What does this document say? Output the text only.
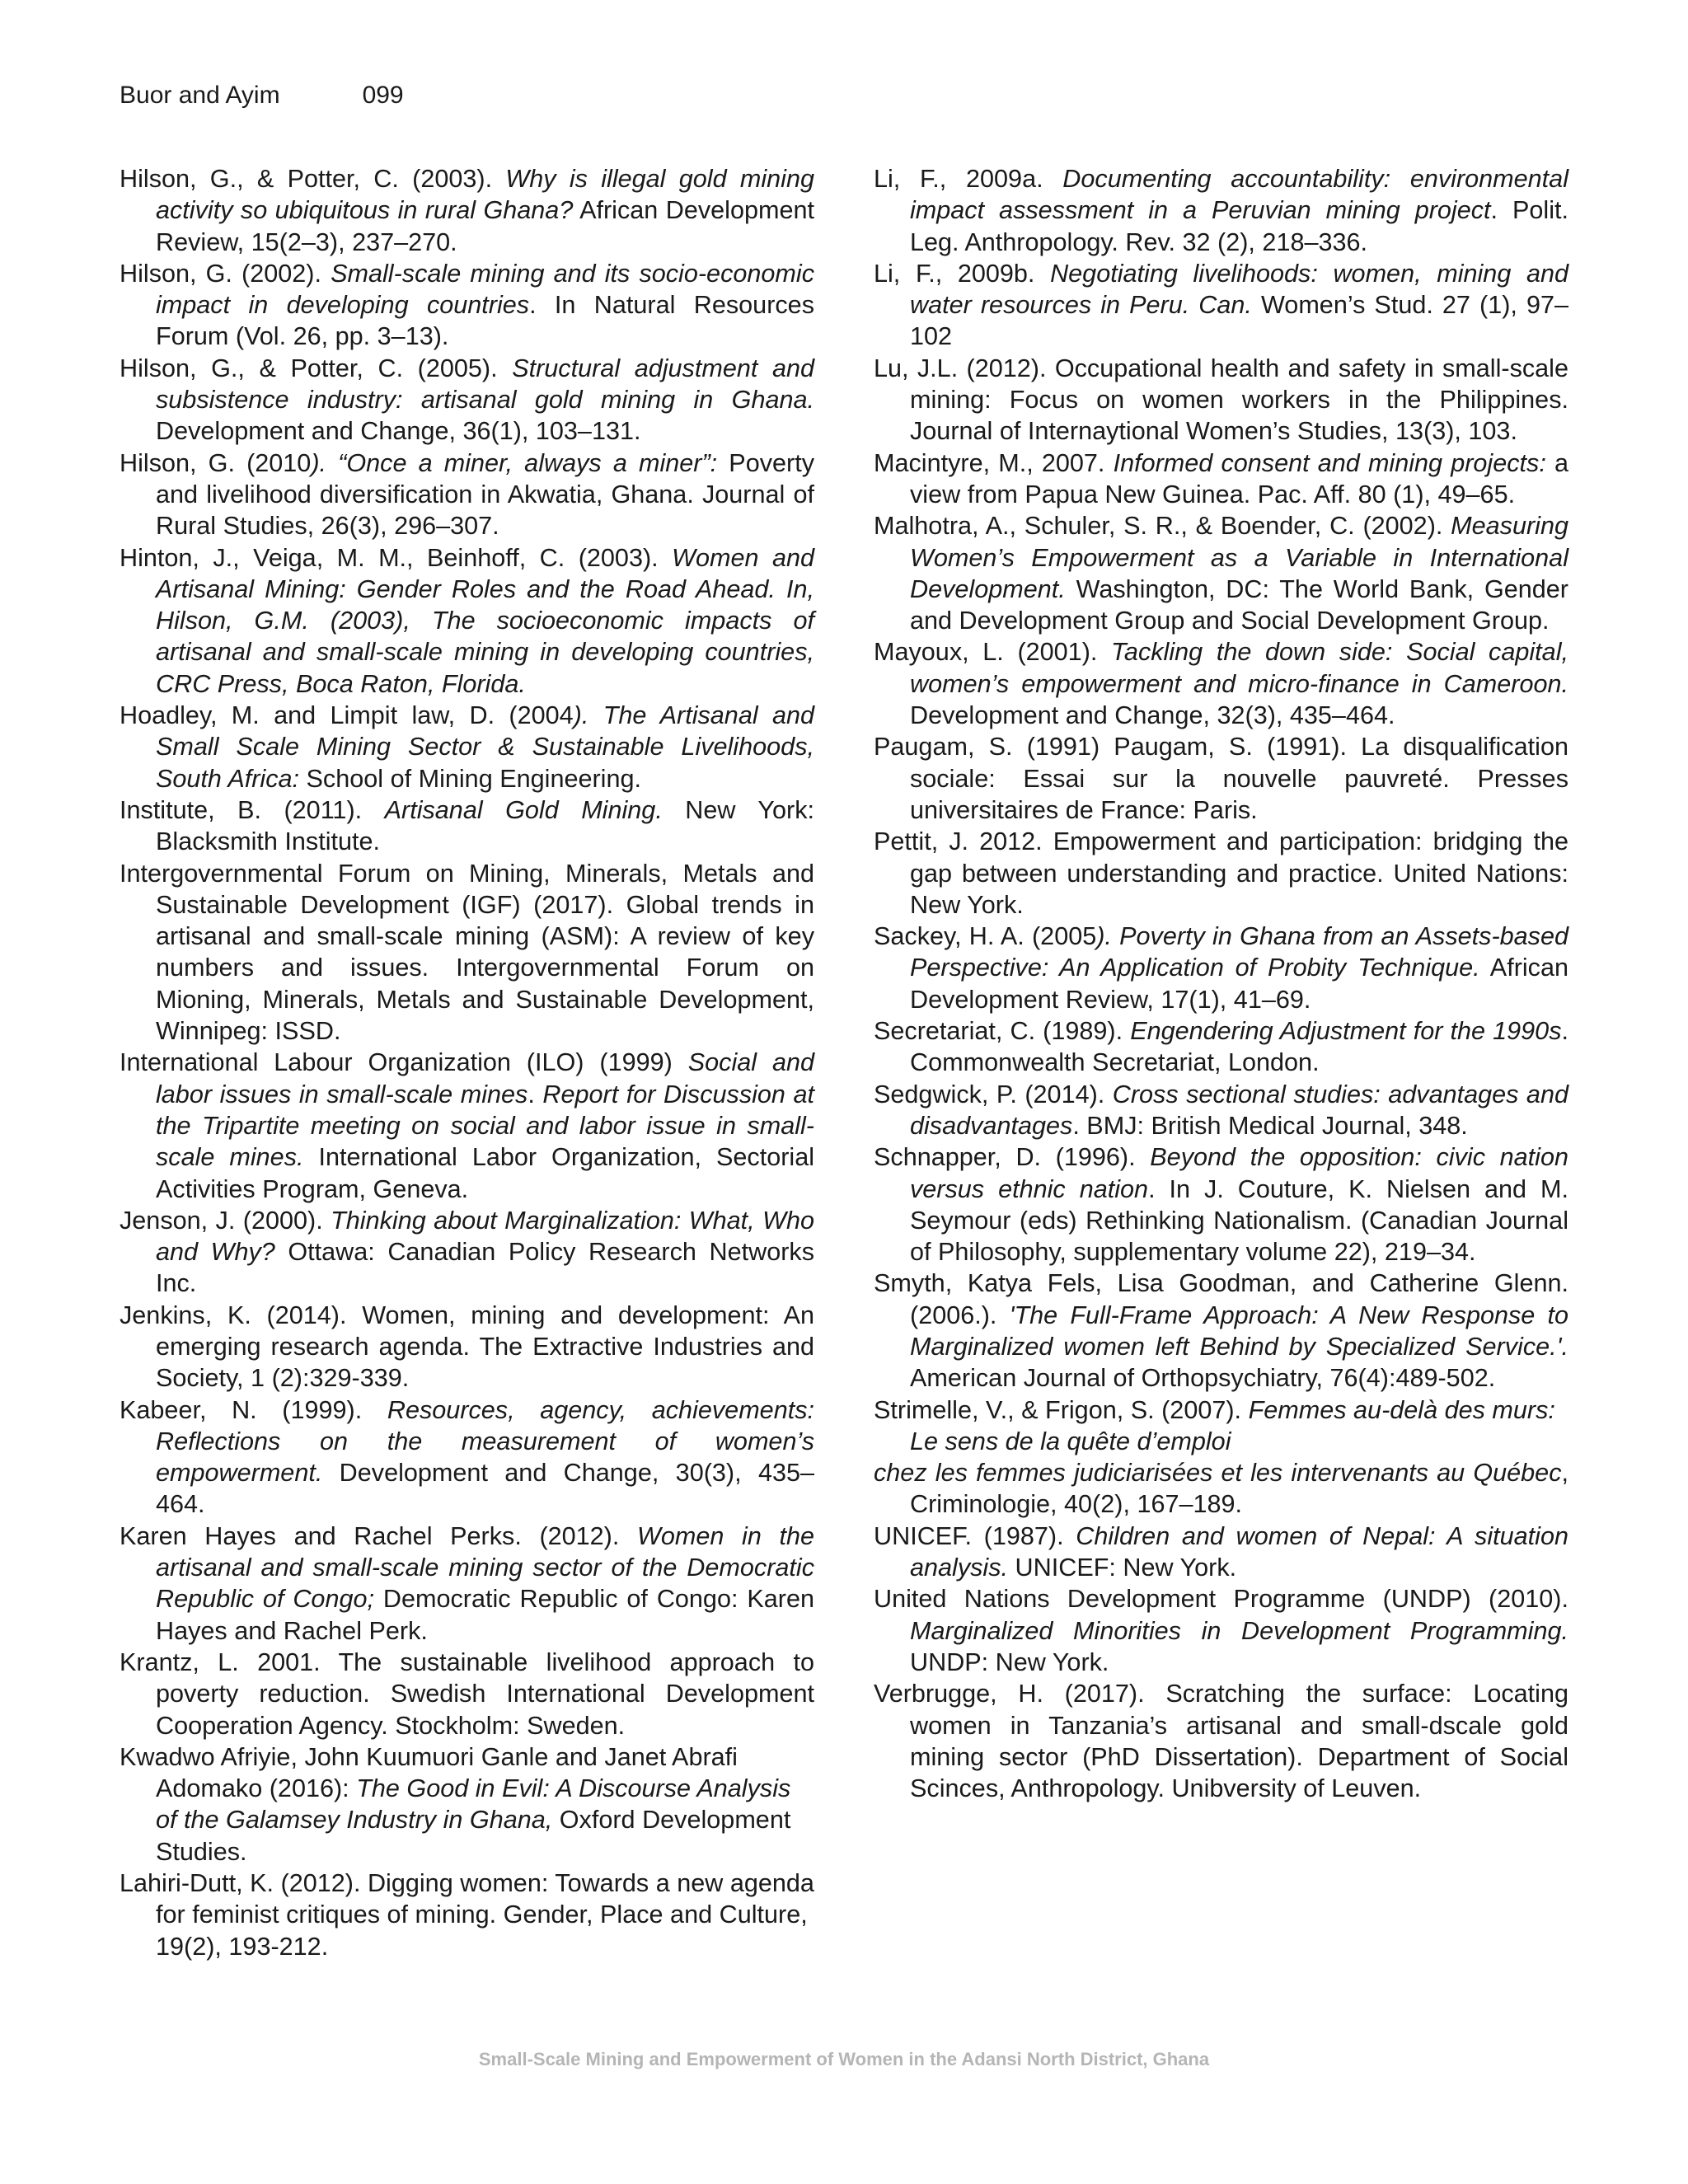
Buor and Ayim	099

Hilson, G., & Potter, C. (2003). Why is illegal gold mining activity so ubiquitous in rural Ghana? African Development Review, 15(2–3), 237–270.

Hilson, G. (2002). Small-scale mining and its socio-economic impact in developing countries. In Natural Resources Forum (Vol. 26, pp. 3–13).

Hilson, G., & Potter, C. (2005). Structural adjustment and subsistence industry: artisanal gold mining in Ghana. Development and Change, 36(1), 103–131.

Hilson, G. (2010). “Once a miner, always a miner”: Poverty and livelihood diversification in Akwatia, Ghana. Journal of Rural Studies, 26(3), 296–307.

Hinton, J., Veiga, M. M., Beinhoff, C. (2003). Women and Artisanal Mining: Gender Roles and the Road Ahead. In, Hilson, G.M. (2003), The socioeconomic impacts of artisanal and small-scale mining in developing countries, CRC Press, Boca Raton, Florida.

Hoadley, M. and Limpit law, D. (2004). The Artisanal and Small Scale Mining Sector & Sustainable Livelihoods, South Africa: School of Mining Engineering.

Institute, B. (2011). Artisanal Gold Mining. New York: Blacksmith Institute.

Intergovernmental Forum on Mining, Minerals, Metals and Sustainable Development (IGF) (2017). Global trends in artisanal and small-scale mining (ASM): A review of key numbers and issues. Intergovernmental Forum on Mioning, Minerals, Metals and Sustainable Development, Winnipeg: ISSD.

International Labour Organization (ILO) (1999) Social and labor issues in small-scale mines. Report for Discussion at the Tripartite meeting on social and labor issue in small-scale mines. International Labor Organization, Sectorial Activities Program, Geneva.

Jenson, J. (2000). Thinking about Marginalization: What, Who and Why? Ottawa: Canadian Policy Research Networks Inc.

Jenkins, K. (2014). Women, mining and development: An emerging research agenda. The Extractive Industries and Society, 1 (2):329-339.

Kabeer, N. (1999). Resources, agency, achievements: Reflections on the measurement of women’s empowerment. Development and Change, 30(3), 435–464.

Karen Hayes and Rachel Perks. (2012). Women in the artisanal and small-scale mining sector of the Democratic Republic of Congo; Democratic Republic of Congo: Karen Hayes and Rachel Perk.

Krantz, L. 2001. The sustainable livelihood approach to poverty reduction. Swedish International Development Cooperation Agency. Stockholm: Sweden.

Kwadwo Afriyie, John Kuumuori Ganle and Janet Abrafi Adomako (2016): The Good in Evil: A Discourse Analysis of the Galamsey Industry in Ghana, Oxford Development Studies.

Lahiri-Dutt, K. (2012). Digging women: Towards a new agenda for feminist critiques of mining. Gender, Place and Culture, 19(2), 193-212.

Li, F., 2009a. Documenting accountability: environmental impact assessment in a Peruvian mining project. Polit. Leg. Anthropology. Rev. 32 (2), 218–336.

Li, F., 2009b. Negotiating livelihoods: women, mining and water resources in Peru. Can. Women’s Stud. 27 (1), 97–102

Lu, J.L. (2012). Occupational health and safety in small-scale mining: Focus on women workers in the Philippines. Journal of Internaytional Women’s Studies, 13(3), 103.

Macintyre, M., 2007. Informed consent and mining projects: a view from Papua New Guinea. Pac. Aff. 80 (1), 49–65.

Malhotra, A., Schuler, S. R., & Boender, C. (2002). Measuring Women’s Empowerment as a Variable in International Development. Washington, DC: The World Bank, Gender and Development Group and Social Development Group.

Mayoux, L. (2001). Tackling the down side: Social capital, women’s empowerment and micro-finance in Cameroon. Development and Change, 32(3), 435–464.

Paugam, S. (1991) Paugam, S. (1991). La disqualification sociale: Essai sur la nouvelle pauvreté. Presses universitaires de France: Paris.

Pettit, J. 2012. Empowerment and participation: bridging the gap between understanding and practice. United Nations: New York.

Sackey, H. A. (2005). Poverty in Ghana from an Assets-based Perspective: An Application of Probity Technique. African Development Review, 17(1), 41–69.

Secretariat, C. (1989). Engendering Adjustment for the 1990s. Commonwealth Secretariat, London.

Sedgwick, P. (2014). Cross sectional studies: advantages and disadvantages. BMJ: British Medical Journal, 348.

Schnapper, D. (1996). Beyond the opposition: civic nation versus ethnic nation. In J. Couture, K. Nielsen and M. Seymour (eds) Rethinking Nationalism. (Canadian Journal of Philosophy, supplementary volume 22), 219–34.

Smyth, Katya Fels, Lisa Goodman, and Catherine Glenn. (2006.). 'The Full-Frame Approach: A New Response to Marginalized women left Behind by Specialized Service.'. American Journal of Orthopsychiatry, 76(4):489-502.

Strimelle, V., & Frigon, S. (2007). Femmes au-delà des murs: Le sens de la quête d’emploi

chez les femmes judiciarisées et les intervenants au Québec, Criminologie, 40(2), 167–189.

UNICEF. (1987). Children and women of Nepal: A situation analysis. UNICEF: New York.

United Nations Development Programme (UNDP) (2010). Marginalized Minorities in Development Programming. UNDP: New York.

Verbrugge, H. (2017). Scratching the surface: Locating women in Tanzania’s artisanal and small-dscale gold mining sector (PhD Dissertation). Department of Social Scinces, Anthropology. Unibversity of Leuven.

Small-Scale Mining and Empowerment of Women in the Adansi North District, Ghana
